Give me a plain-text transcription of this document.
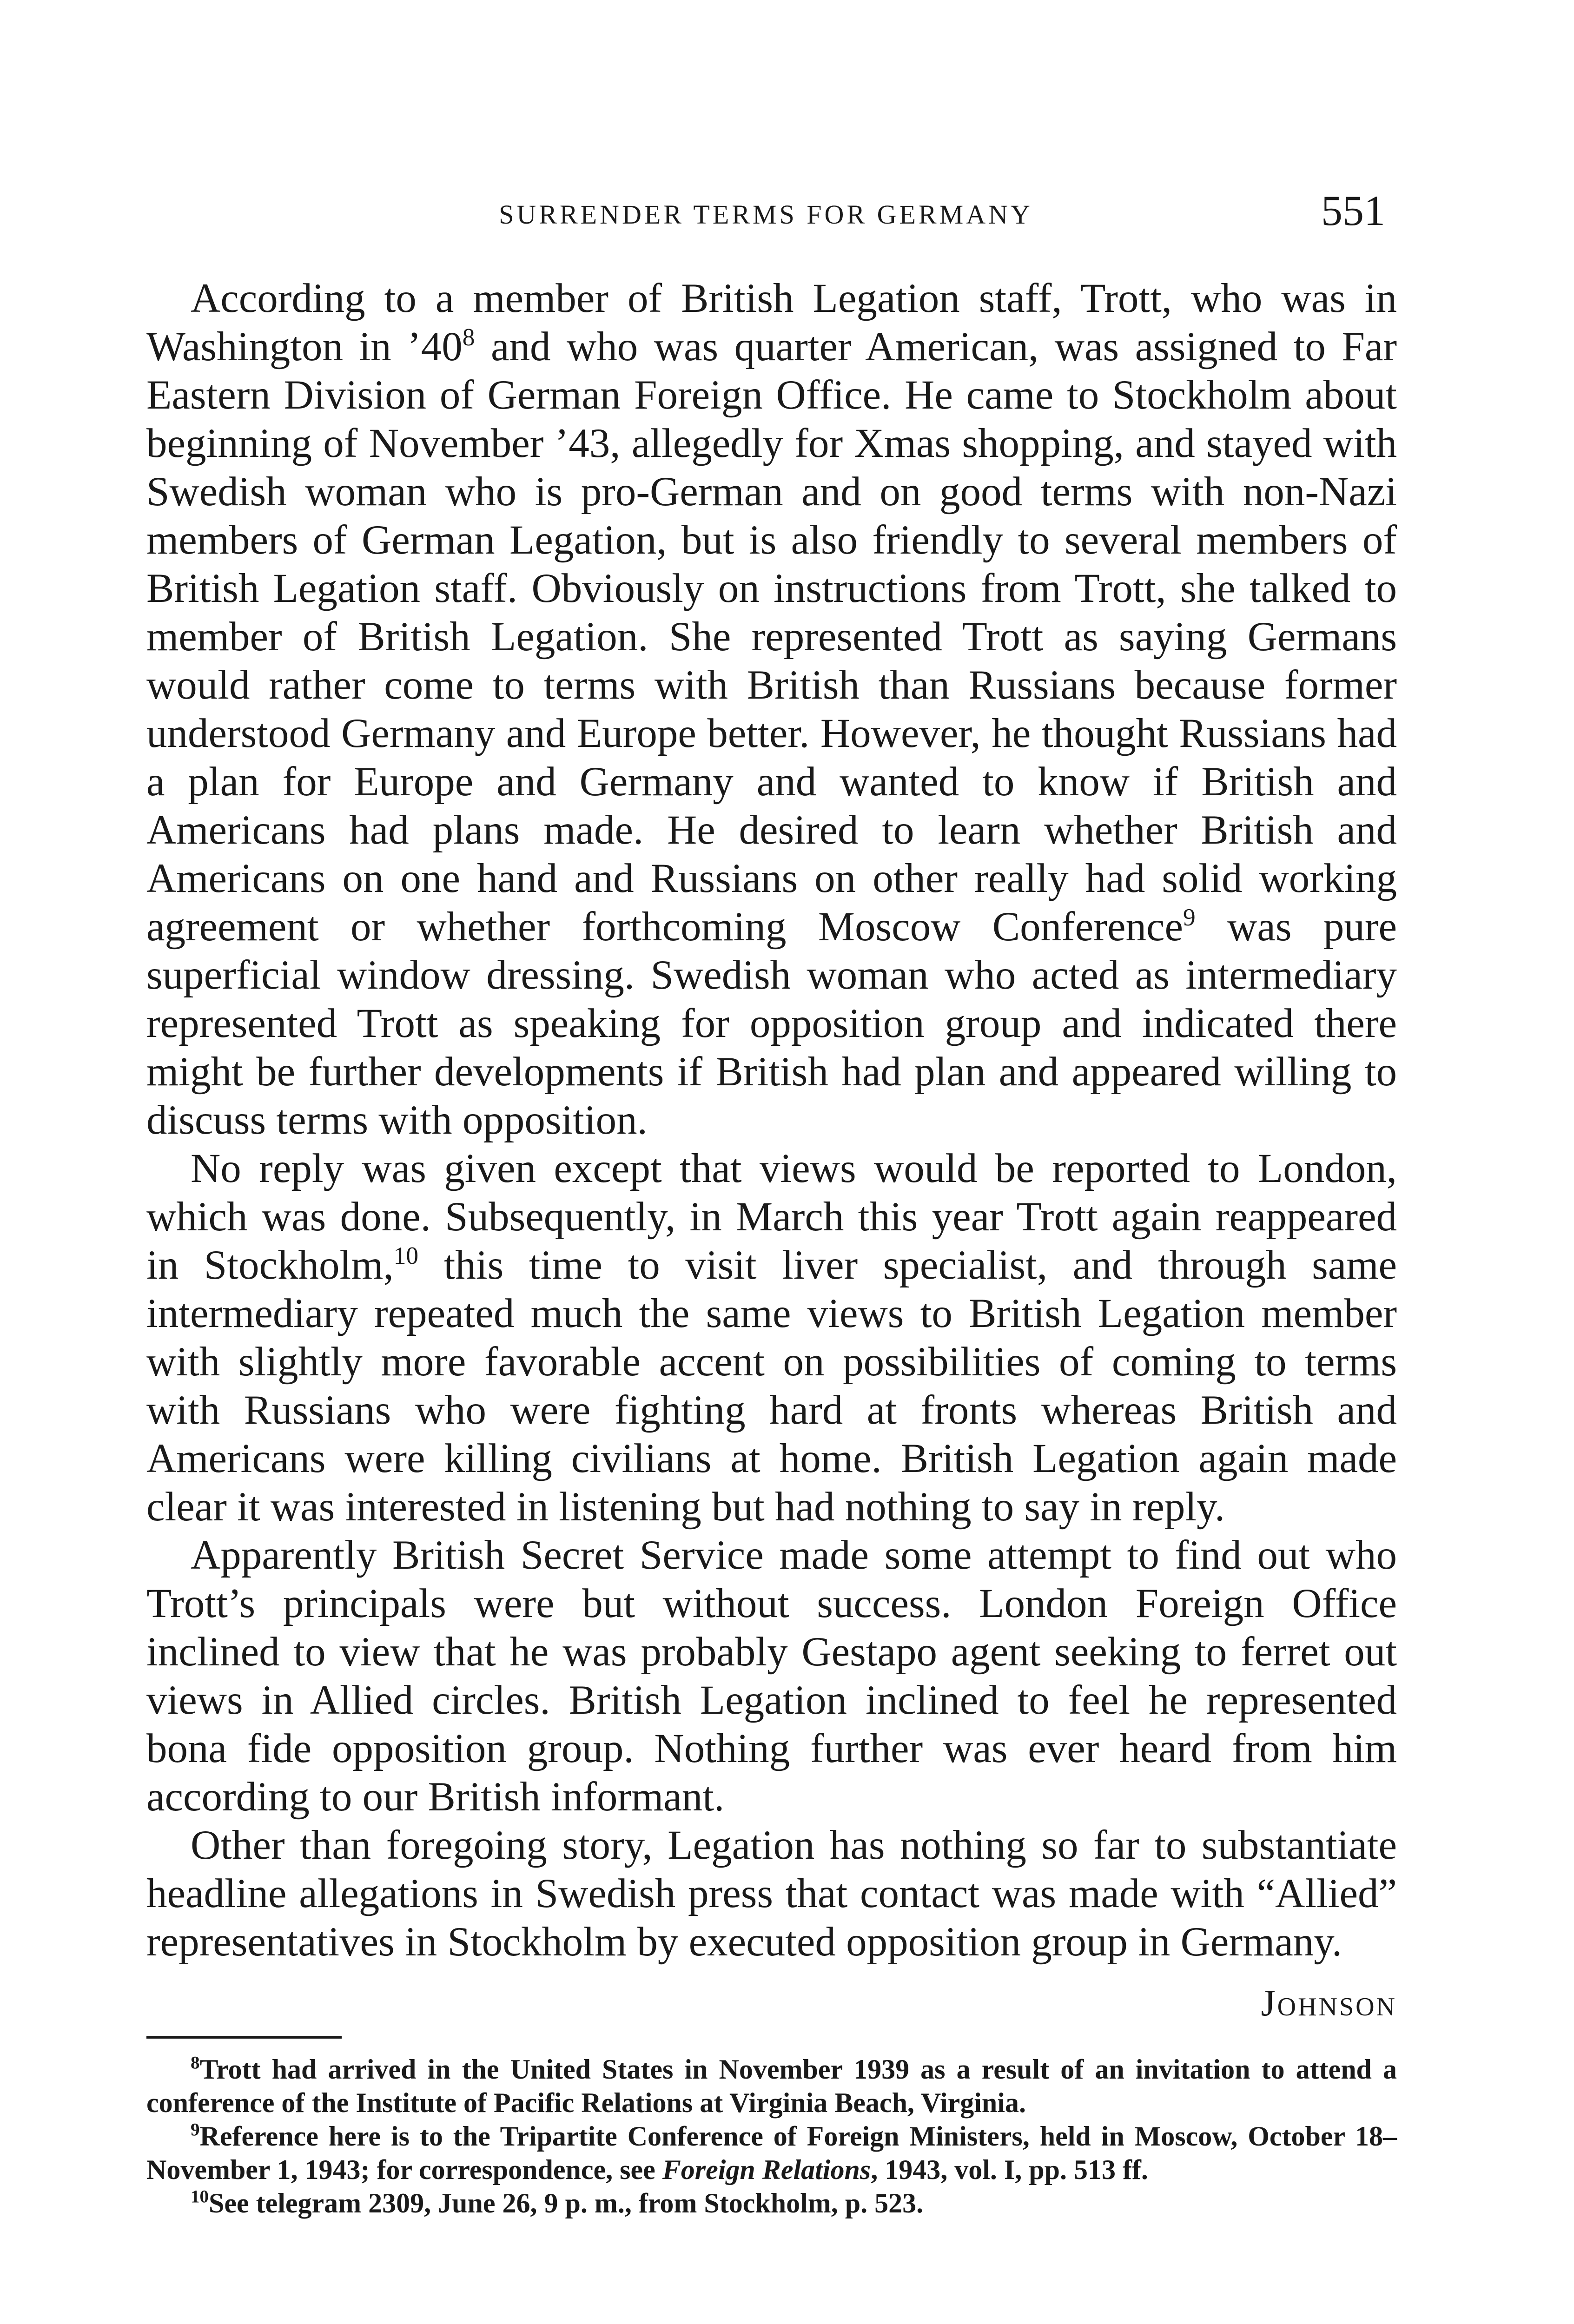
SURRENDER TERMS FOR GERMANY	551

According to a member of British Legation staff, Trott, who was in Washington in $’40^8$ and who was quarter American, was assigned to Far Eastern Division of German Foreign Office. He came to Stockholm about beginning of November ’43, allegedly for Xmas shopping, and stayed with Swedish woman who is pro-German and on good terms with non-Nazi members of German Legation, but is also friendly to several members of British Legation staff. Obviously on instructions from Trott, she talked to member of British Legation. She represented Trott as saying Germans would rather come to terms with British than Russians because former understood Germany and Europe better. However, he thought Russians had a plan for Europe and Germany and wanted to know if British and Americans had plans made. He desired to learn whether British and Americans on one hand and Russians on other really had solid working agreement or whether forthcoming Moscow Conference$^9$ was pure superficial window dressing. Swedish woman who acted as intermediary represented Trott as speaking for opposition group and indicated there might be further developments if British had plan and appeared willing to discuss terms with opposition.

No reply was given except that views would be reported to London, which was done. Subsequently, in March this year Trott again reappeared in Stockholm,$^{10}$ this time to visit liver specialist, and through same intermediary repeated much the same views to British Legation member with slightly more favorable accent on possibilities of coming to terms with Russians who were fighting hard at fronts whereas British and Americans were killing civilians at home. British Legation again made clear it was interested in listening but had nothing to say in reply.

Apparently British Secret Service made some attempt to find out who Trott’s principals were but without success. London Foreign Office inclined to view that he was probably Gestapo agent seeking to ferret out views in Allied circles. British Legation inclined to feel he represented bona fide opposition group. Nothing further was ever heard from him according to our British informant.

Other than foregoing story, Legation has nothing so far to substantiate headline allegations in Swedish press that contact was made with “Allied” representatives in Stockholm by executed opposition group in Germany.

Johnson

$^8$Trott had arrived in the United States in November 1939 as a result of an invitation to attend a conference of the Institute of Pacific Relations at Virginia Beach, Virginia.

$^9$Reference here is to the Tripartite Conference of Foreign Ministers, held in Moscow, October 18–November 1, 1943; for correspondence, see Foreign Relations, 1943, vol. I, pp. 513 ff.

$^{10}$See telegram 2309, June 26, 9 p. m., from Stockholm, p. 523.
